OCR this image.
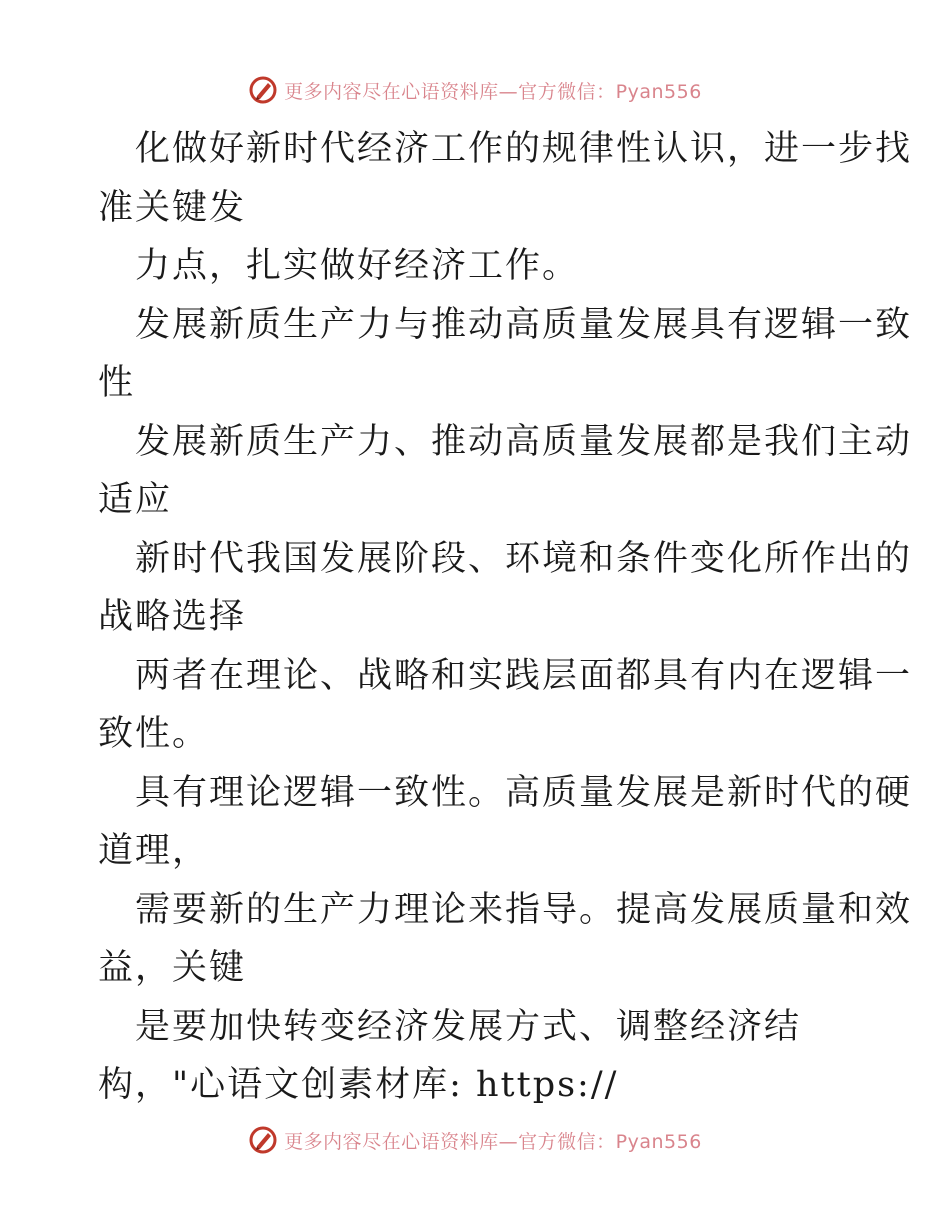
更多内容尽在心语资料库—官方微信：Pyan556
化做好新时代经济工作的规律性认识，进一步找
准关键发
力点，扎实做好经济工作。
发展新质生产力与推动高质量发展具有逻辑一致
性
发展新质生产力、推动高质量发展都是我们主动
适应
新时代我国发展阶段、环境和条件变化所作出的
战略选择
两者在理论、战略和实践层面都具有内在逻辑一
致性。
具有理论逻辑一致性。高质量发展是新时代的硬
道理，
需要新的生产力理论来指导。提高发展质量和效
益，关键
是要加快转变经济发展方式、调整经济结
构，"心语文创素材库: https://
更多内容尽在心语资料库—官方微信：Pyan556
